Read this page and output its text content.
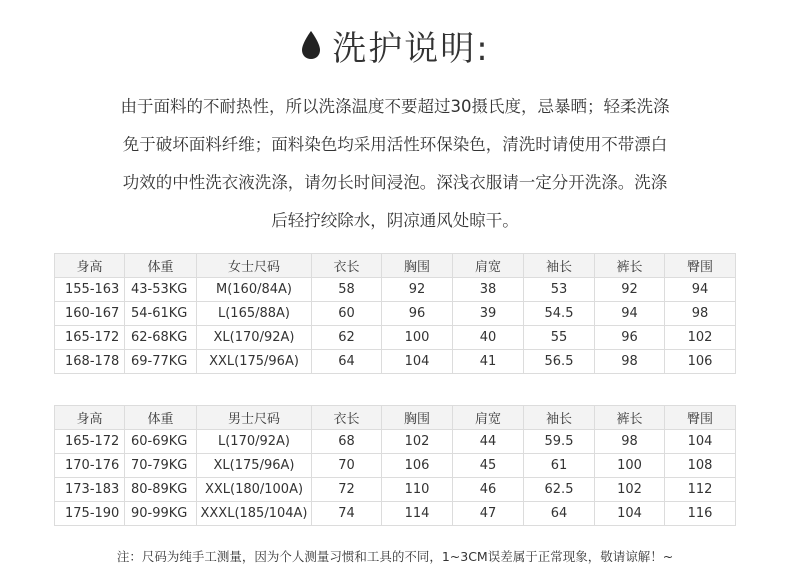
洗护说明:
由于面料的不耐热性，所以洗涤温度不要超过30摄氏度，忌暴晒；轻柔洗涤
免于破坏面料纤维；面料染色均采用活性环保染色，清洗时请使用不带漂白
功效的中性洗衣液洗涤，请勿长时间浸泡。深浅衣服请一定分开洗涤。洗涤
后轻拧绞除水，阴凉通风处晾干。
身高	体重	女士尺码	衣长	胸围	肩宽	袖长	裤长	臀围
155-163	43-53KG	M(160/84A)	58	92	38	53	92	94
160-167	54-61KG	L(165/88A)	60	96	39	54.5	94	98
165-172	62-68KG	XL(170/92A)	62	100	40	55	96	102
168-178	69-77KG	XXL(175/96A)	64	104	41	56.5	98	106
身高	体重	男士尺码	衣长	胸围	肩宽	袖长	裤长	臀围
165-172	60-69KG	L(170/92A)	68	102	44	59.5	98	104
170-176	70-79KG	XL(175/96A)	70	106	45	61	100	108
173-183	80-89KG	XXL(180/100A)	72	110	46	62.5	102	112
175-190	90-99KG	XXXL(185/104A)	74	114	47	64	104	116
注：尺码为纯手工测量，因为个人测量习惯和工具的不同，1~3CM误差属于正常现象，敬请谅解！~
